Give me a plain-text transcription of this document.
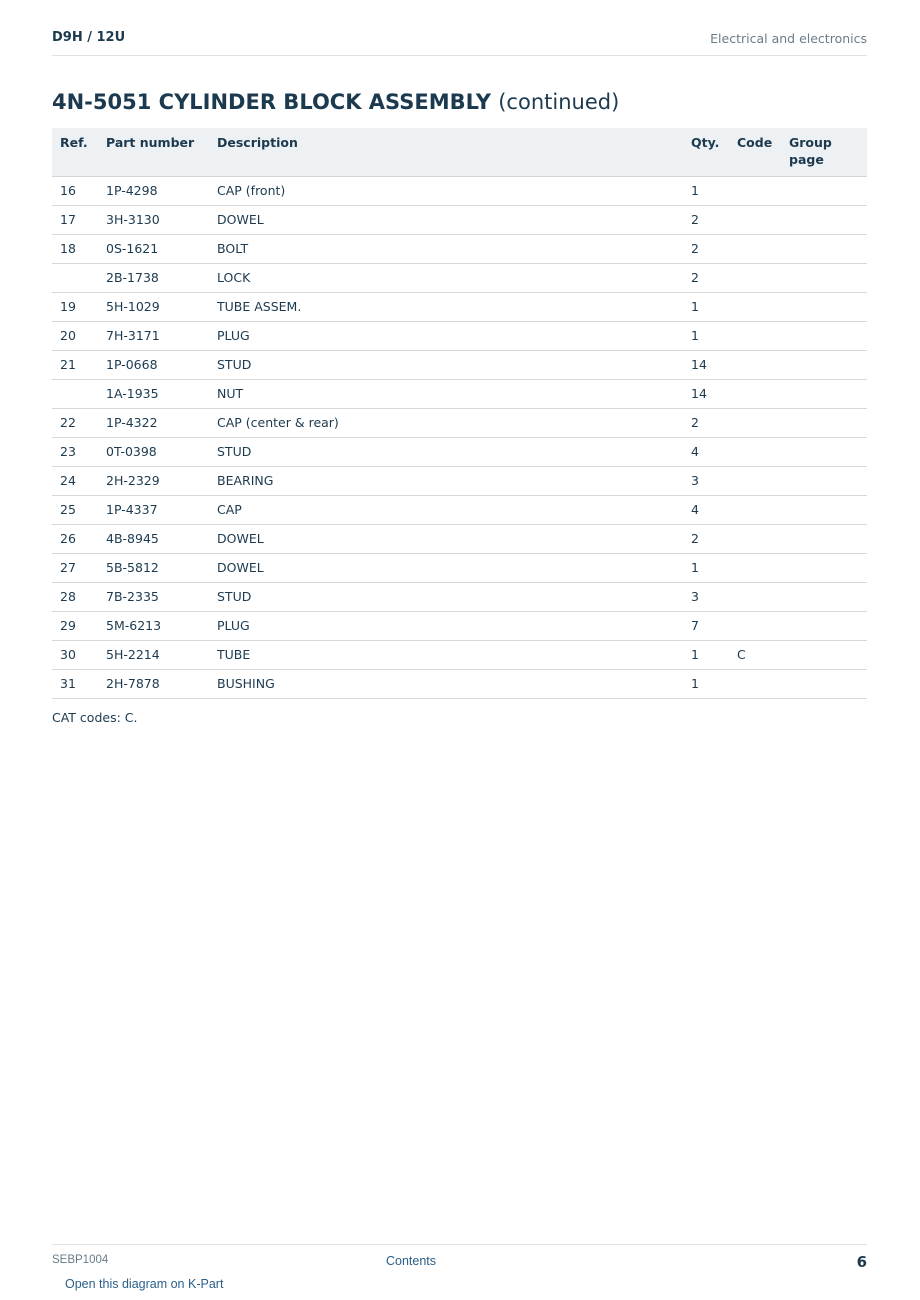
D9H / 12U	Electrical and electronics
4N-5051 CYLINDER BLOCK ASSEMBLY (continued)
Ref.	Part number	Description	Qty.	Code	Group page
16	1P-4298	CAP (front)	1		
17	3H-3130	DOWEL	2		
18	0S-1621	BOLT	2		
	2B-1738	LOCK	2		
19	5H-1029	TUBE ASSEM.	1		
20	7H-3171	PLUG	1		
21	1P-0668	STUD	14		
	1A-1935	NUT	14		
22	1P-4322	CAP (center & rear)	2		
23	0T-0398	STUD	4		
24	2H-2329	BEARING	3		
25	1P-4337	CAP	4		
26	4B-8945	DOWEL	2		
27	5B-5812	DOWEL	1		
28	7B-2335	STUD	3		
29	5M-6213	PLUG	7		
30	5H-2214	TUBE	1	C	
31	2H-7878	BUSHING	1		
CAT codes: C.
SEBP1004	Contents	6
Open this diagram on K-Part
